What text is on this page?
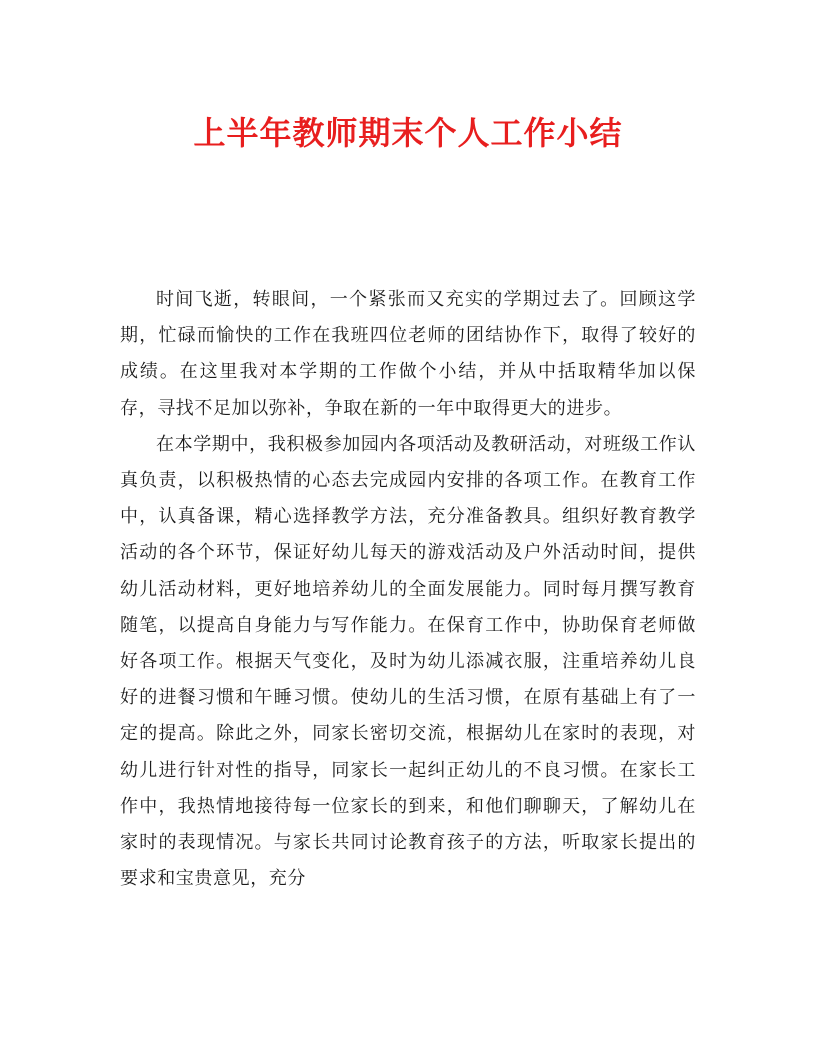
上半年教师期末个人工作小结

时间飞逝，转眼间，一个紧张而又充实的学期过去了。回顾这学期，忙碌而愉快的工作在我班四位老师的团结协作下，取得了较好的成绩。在这里我对本学期的工作做个小结，并从中括取精华加以保存，寻找不足加以弥补，争取在新的一年中取得更大的进步。

在本学期中，我积极参加园内各项活动及教研活动，对班级工作认真负责，以积极热情的心态去完成园内安排的各项工作。在教育工作中，认真备课，精心选择教学方法，充分准备教具。组织好教育教学活动的各个环节，保证好幼儿每天的游戏活动及户外活动时间，提供幼儿活动材料，更好地培养幼儿的全面发展能力。同时每月撰写教育随笔，以提高自身能力与写作能力。在保育工作中，协助保育老师做好各项工作。根据天气变化，及时为幼儿添减衣服，注重培养幼儿良好的进餐习惯和午睡习惯。使幼儿的生活习惯，在原有基础上有了一定的提高。除此之外，同家长密切交流，根据幼儿在家时的表现，对幼儿进行针对性的指导，同家长一起纠正幼儿的不良习惯。在家长工作中，我热情地接待每一位家长的到来，和他们聊聊天，了解幼儿在家时的表现情况。与家长共同讨论教育孩子的方法，听取家长提出的要求和宝贵意见，充分
